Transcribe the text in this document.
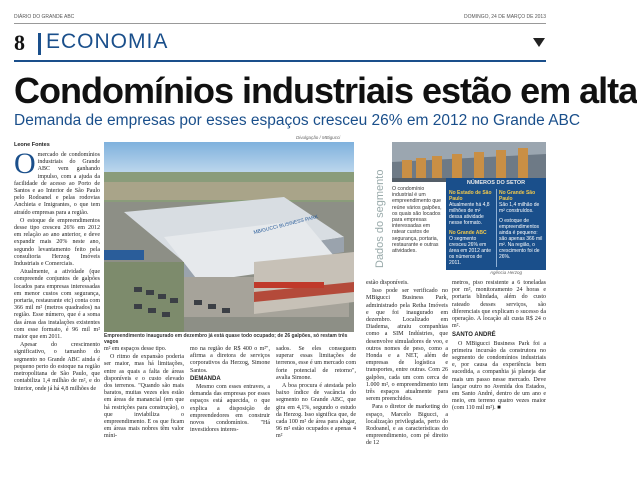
DIÁRIO DO GRANDE ABC	DOMINGO, 24 DE MARÇO DE 2013
8 ECONOMIA
Condomínios industriais estão em alta
Demanda de empresas por esses espaços cresceu 26% em 2012 no Grande ABC
Leone Fontes
Divulgação / MBigucci
O mercado de condomínios industriais do Grande ABC vem ganhando impulso, com a ajuda da facilidade de acesso ao Porto de Santos e ao Interior de São Paulo pelo Rodoanel e pelas rodovias Anchieta e Imigrantes, o que tem atraído empresas para a região.

O estoque de empreendimentos desse tipo cresceu 26% em 2012 em relação ao ano anterior, e deve expandir mais 20% neste ano, segundo levantamento feito pela consultoria Herzog Imóveis Industriais e Comerciais.

Atualmente, a atividade (que compreende conjuntos de galpões locados para empresas interessadas em menor custos com segurança, portaria, restaurante etc) conta com 366 mil m² (metros quadrados) na região. Esse número, que é a soma das áreas das instalações existentes com esse formato, é 96 mil m² maior que em 2011.

Apesar do crescimento significativo, o tamanho do segmento no Grande ABC ainda é pequeno perto do estoque na região metropolitana de São Paulo, que contabiliza 1,4 milhão de m², e do Interior, onde já há 4,8 milhões de

MBIGUCCI BUSINESS PARK
Empreendimento inaugurado em dezembro já está quase todo ocupado; de 26 galpões, só restam três vagos

m² em espaços desse tipo.

O ritmo de expansão poderia ser maior, mas há limitações, entre as quais a falta de áreas disponíveis e o custo elevado dos terrenos. "Quando são mais baratos, muitas vezes eles estão em áreas de manancial (em que há restrições para construção), o que inviabiliza o empreendimento. E os que ficam em áreas mais nobres têm valor míni-

mo na região de R$ 400 o m²", afirma a diretora de serviços corporativos da Herzog, Simone Santos.

DEMANDA

Mesmo com esses entraves, a demanda das empresas por esses espaços está aquecida, o que explica a disposição de empreendedores em construir novos condomínios. "Há investidores interes-

sados. Se eles conseguem superar essas limitações de terrenos, esse é um mercado com forte potencial de retorno", avalia Simone.

A boa procura é atestada pelo baixo índice de vacância do segmento no Grande ABC, que gira em 4,1%, segundo o estudo da Herzog. Isso significa que, de cada 100 m² de área para alugar, 96 m² estão ocupados e apenas 4 m²

Dados do segmento O condomínio industrial é um empreendimento que reúne vários galpões, os quais são locados para empresas interessadas em ratear custos de segurança, portaria, restaurante e outras atividades.
NÚMEROS DO SETOR
No Estado de São Paulo
Atualmente há 4,8 milhões de m² dessa atividade nesse formato.
No Grande São Paulo
São 1,4 milhão de m² construídos.
No Grande ABC
O segmento cresceu 26% em área em 2012 ante os números de 2011.
O estoque de empreendimentos ainda é pequeno: são apenas 366 mil m². Na região, o crescimento foi de 26%.
Agência Herzog

estão disponíveis.

Isso pode ser verificado no MBigucci Business Park, administrado pela Retha Imóveis e que foi inaugurado em dezembro. Localizado em Diadema, atraiu companhias como a SIM Indústries, que desenvolve simuladores de voo, e outros nomes de peso, como a Honda e a NET, além de empresas de logística e transportes, entre outras. Com 26 galpões, cada um com cerca de 1.000 m², o empreendimento tem três espaços atualmente para serem preenchidos.

Para o diretor de marketing do espaço, Marcelo Bigucci, a localização privilegiada, perto do Rodoanel, e as características do empreendimento, com pé direito de 12

metros, piso resistente a 6 toneladas por m², monitoramento 24 horas e portaria blindada, além do custo rateado desses serviços, são diferenciais que explicam o sucesso da operação. A locação ali custa R$ 24 o m².

SANTO ANDRÉ

O MBigucci Business Park foi a primeira incursão da construtora no segmento de condomínios industriais e, por causa da experiência bem sucedida, a companhia já planeja dar mais um passo nesse mercado. Deve lançar outro no Avenida dos Estados, em Santo André, dentro de um ano e meio, em terreno quatro vezes maior (com 110 mil m²). ■
